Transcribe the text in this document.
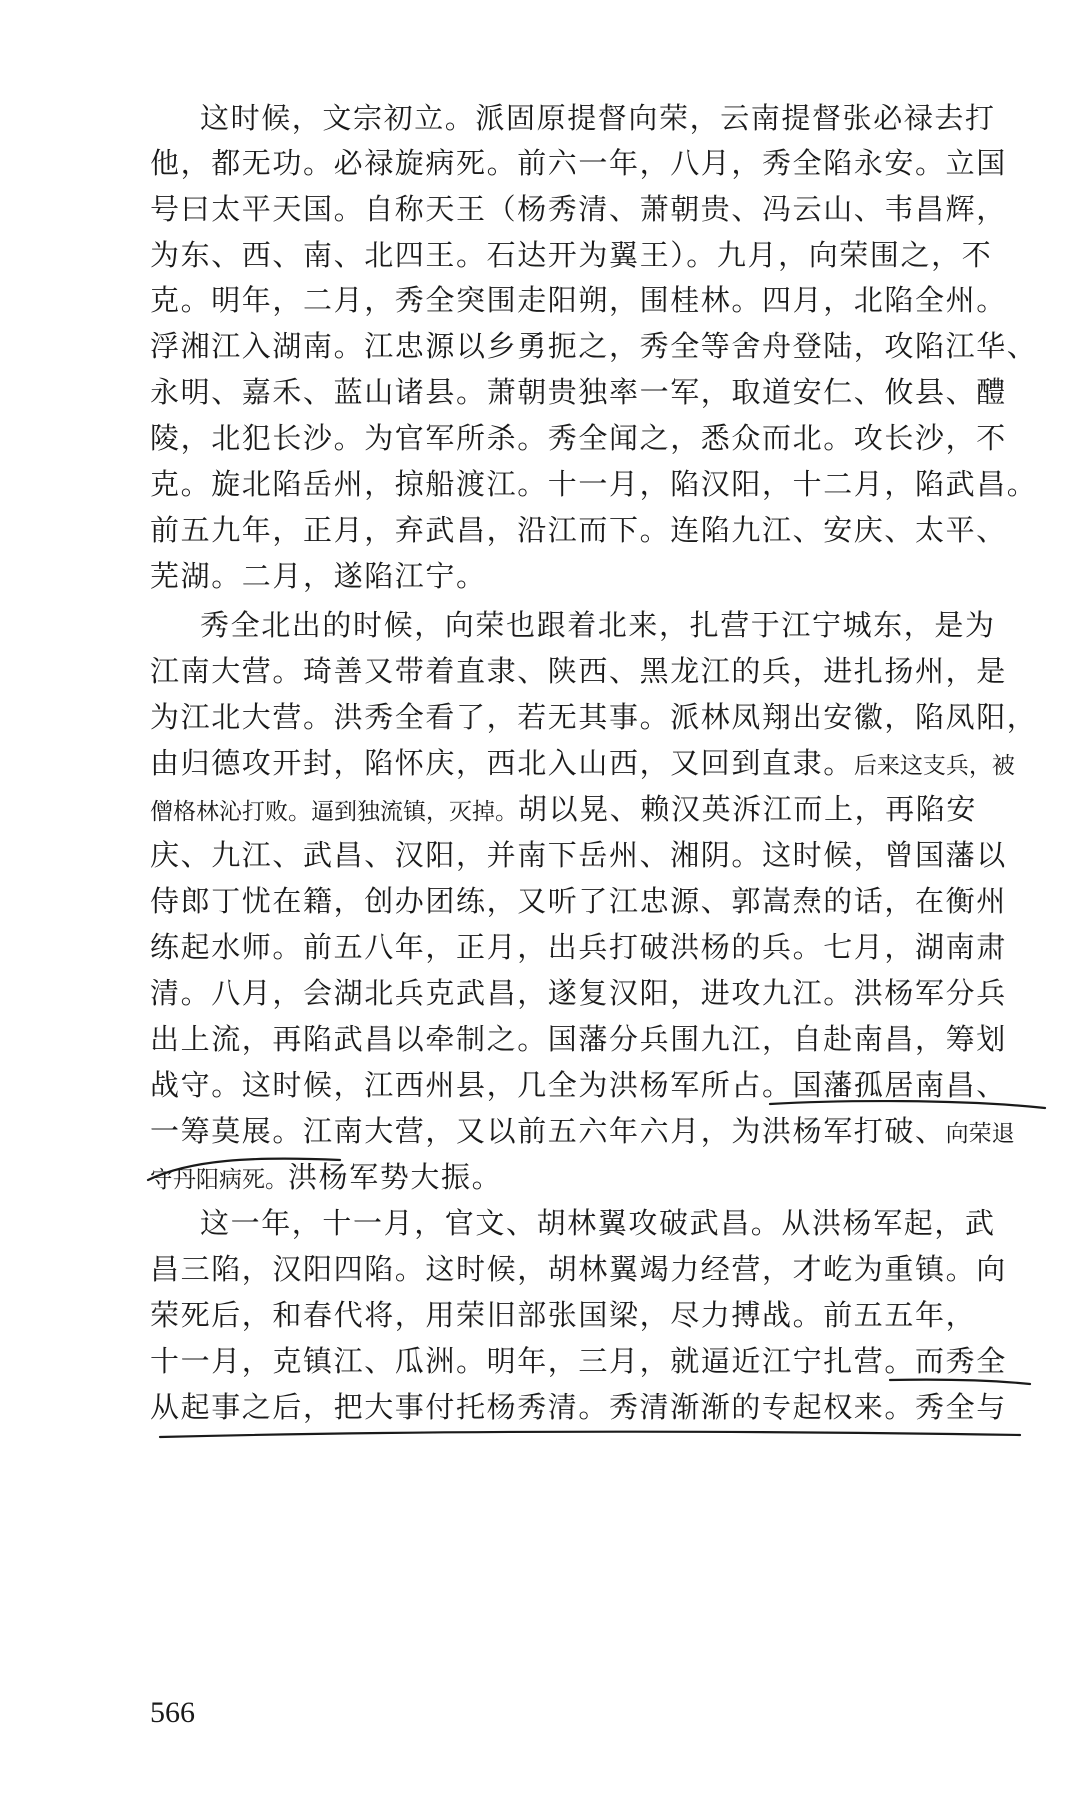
这时候，文宗初立。派固原提督向荣，云南提督张必禄去打
他，都无功。必禄旋病死。前六一年，八月，秀全陷永安。立国
号曰太平天国。自称天王（杨秀清、萧朝贵、冯云山、韦昌辉，
为东、西、南、北四王。石达开为翼王）。九月，向荣围之，不
克。明年，二月，秀全突围走阳朔，围桂林。四月，北陷全州。
浮湘江入湖南。江忠源以乡勇扼之，秀全等舍舟登陆，攻陷江华、
永明、嘉禾、蓝山诸县。萧朝贵独率一军，取道安仁、攸县、醴
陵，北犯长沙。为官军所杀。秀全闻之，悉众而北。攻长沙，不
克。旋北陷岳州，掠船渡江。十一月，陷汉阳，十二月，陷武昌。
前五九年，正月，弃武昌，沿江而下。连陷九江、安庆、太平、
芜湖。二月，遂陷江宁。
秀全北出的时候，向荣也跟着北来，扎营于江宁城东，是为
江南大营。琦善又带着直隶、陕西、黑龙江的兵，进扎扬州，是
为江北大营。洪秀全看了，若无其事。派林凤翔出安徽，陷凤阳，
由归德攻开封，陷怀庆，西北入山西，又回到直隶。后来这支兵，被
僧格林沁打败。逼到独流镇，灭掉。胡以晃、赖汉英泝江而上，再陷安
庆、九江、武昌、汉阳，并南下岳州、湘阴。这时候，曾国藩以
侍郎丁忧在籍，创办团练，又听了江忠源、郭嵩焘的话，在衡州
练起水师。前五八年，正月，出兵打破洪杨的兵。七月，湖南肃
清。八月，会湖北兵克武昌，遂复汉阳，进攻九江。洪杨军分兵
出上流，再陷武昌以牵制之。国藩分兵围九江，自赴南昌，筹划
战守。这时候，江西州县，几全为洪杨军所占。国藩孤居南昌、
一筹莫展。江南大营，又以前五六年六月，为洪杨军打破、向荣退
守丹阳病死。洪杨军势大振。
这一年，十一月，官文、胡林翼攻破武昌。从洪杨军起，武
昌三陷，汉阳四陷。这时候，胡林翼竭力经营，才屹为重镇。向
荣死后，和春代将，用荣旧部张国梁，尽力搏战。前五五年，
十一月，克镇江、瓜洲。明年，三月，就逼近江宁扎营。而秀全
从起事之后，把大事付托杨秀清。秀清渐渐的专起权来。秀全与
566
